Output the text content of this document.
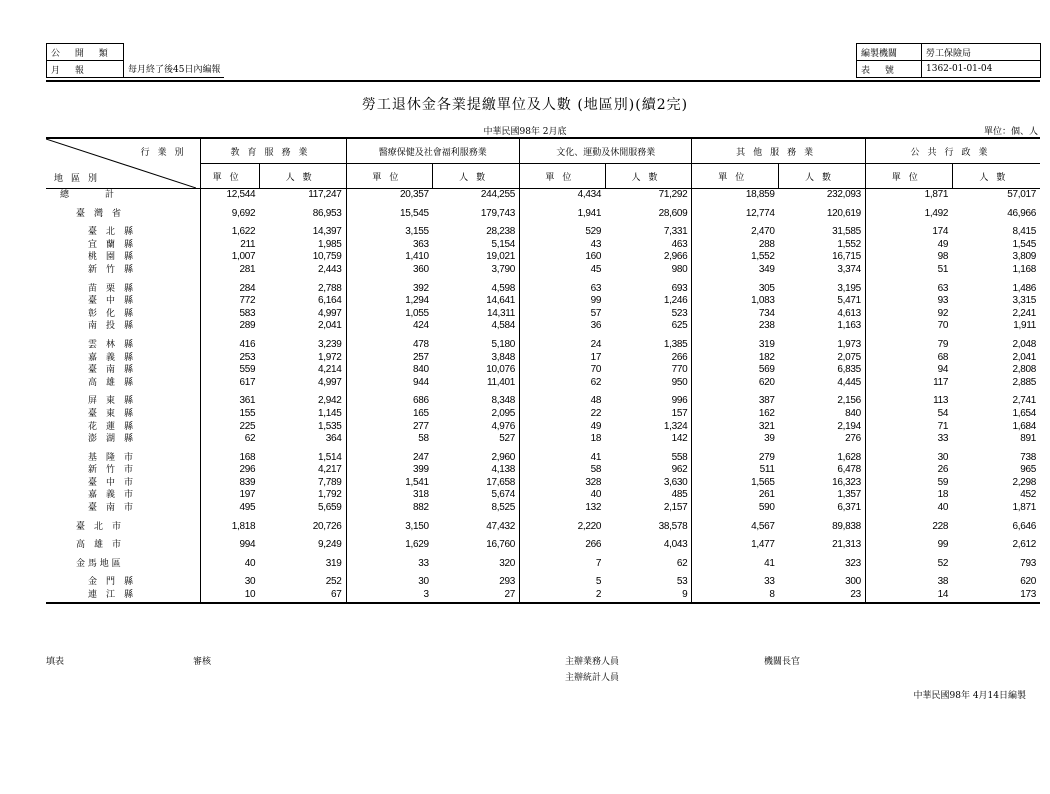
公 開 類	
月 報	每月終了後45日內編報
編製機關	勞工保險局
表 號	1362-01-01-04
勞工退休金各業提繳單位及人數 (地區別)(續2完)
中華民國98年 2月底	單位：個、人
行業別
地區別	教育服務業		醫療保健及社會福利服務業		文化、運動及休閒服務業		其他服務業		公共行政業	
	單位	人數	單位	人數	單位	人數	單位	人數	單位	人數
總　　　　計	12,544	117,247	20,357	244,255	4,434	71,292	18,859	232,093	1,871	57,017

臺　灣　省	9,692	86,953	15,545	179,743	1,941	28,609	12,774	120,619	1,492	46,966

臺　北　縣	1,622	14,397	3,155	28,238	529	7,331	2,470	31,585	174	8,415
宜　蘭　縣	211	1,985	363	5,154	43	463	288	1,552	49	1,545
桃　園　縣	1,007	10,759	1,410	19,021	160	2,966	1,552	16,715	98	3,809
新　竹　縣	281	2,443	360	3,790	45	980	349	3,374	51	1,168

苗　栗　縣	284	2,788	392	4,598	63	693	305	3,195	63	1,486
臺　中　縣	772	6,164	1,294	14,641	99	1,246	1,083	5,471	93	3,315
彰　化　縣	583	4,997	1,055	14,311	57	523	734	4,613	92	2,241
南　投　縣	289	2,041	424	4,584	36	625	238	1,163	70	1,911

雲　林　縣	416	3,239	478	5,180	24	1,385	319	1,973	79	2,048
嘉　義　縣	253	1,972	257	3,848	17	266	182	2,075	68	2,041
臺　南　縣	559	4,214	840	10,076	70	770	569	6,835	94	2,808
高　雄　縣	617	4,997	944	11,401	62	950	620	4,445	117	2,885

屏　東　縣	361	2,942	686	8,348	48	996	387	2,156	113	2,741
臺　東　縣	155	1,145	165	2,095	22	157	162	840	54	1,654
花　蓮　縣	225	1,535	277	4,976	49	1,324	321	2,194	71	1,684
澎　湖　縣	62	364	58	527	18	142	39	276	33	891

基　隆　市	168	1,514	247	2,960	41	558	279	1,628	30	738
新　竹　市	296	4,217	399	4,138	58	962	511	6,478	26	965
臺　中　市	839	7,789	1,541	17,658	328	3,630	1,565	16,323	59	2,298
嘉　義　市	197	1,792	318	5,674	40	485	261	1,357	18	452
臺　南　市	495	5,659	882	8,525	132	2,157	590	6,371	40	1,871

臺　北　市	1,818	20,726	3,150	47,432	2,220	38,578	4,567	89,838	228	6,646

高　雄　市	994	9,249	1,629	16,760	266	4,043	1,477	21,313	99	2,612

金 馬 地 區	40	319	33	320	7	62	41	323	52	793

金　門　縣	30	252	30	293	5	53	33	300	38	620
連　江　縣	10	67	3	27	2	9	8	23	14	173
填表	審核	主辦業務人員
主辦統計人員
機關長官
中華民國98年 4月14日編製
